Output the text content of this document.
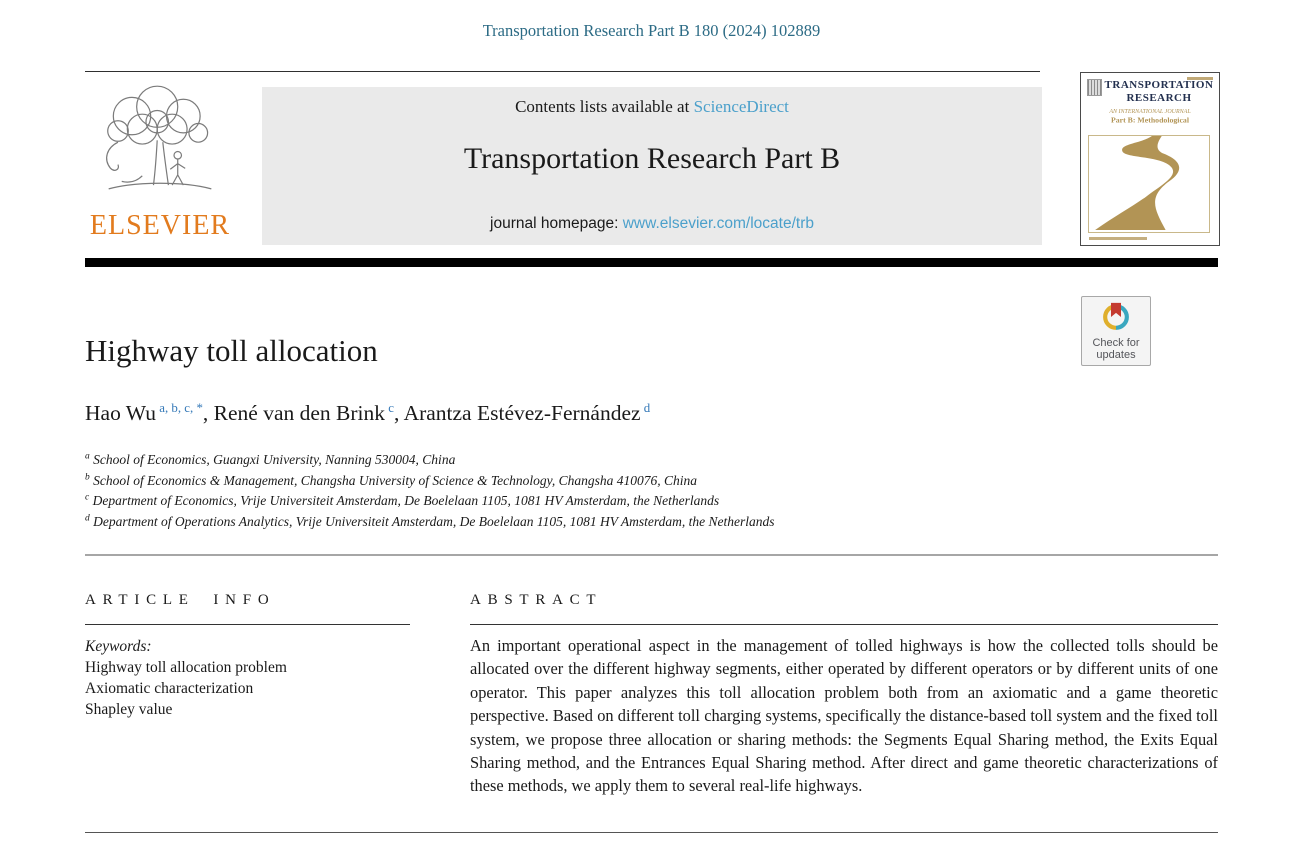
Transportation Research Part B 180 (2024) 102889
ELSEVIER
Contents lists available at ScienceDirect
Transportation Research Part B
journal homepage: www.elsevier.com/locate/trb
TRANSPORTATION
RESEARCH
AN INTERNATIONAL JOURNAL
Part B: Methodological
Highway toll allocation	Check for updates
Hao Wu $^{a, b, c, *}$, René van den Brink $^c$, Arantza Estévez-Fernández $^d$
$^a$ School of Economics, Guangxi University, Nanning 530004, China
$^b$ School of Economics & Management, Changsha University of Science & Technology, Changsha 410076, China
$^c$ Department of Economics, Vrije Universiteit Amsterdam, De Boelelaan 1105, 1081 HV Amsterdam, the Netherlands
$^d$ Department of Operations Analytics, Vrije Universiteit Amsterdam, De Boelelaan 1105, 1081 HV Amsterdam, the Netherlands
ARTICLE INFO
Keywords:
Highway toll allocation problem
Axiomatic characterization
Shapley value
ABSTRACT
An important operational aspect in the management of tolled highways is how the collected tolls should be allocated over the different highway segments, either operated by different operators or by different units of one operator. This paper analyzes this toll allocation problem both from an axiomatic and a game theoretic perspective. Based on different toll charging systems, specifically the distance-based toll system and the fixed toll system, we propose three allocation or sharing methods: the Segments Equal Sharing method, the Exits Equal Sharing method, and the Entrances Equal Sharing method. After direct and game theoretic characterizations of these methods, we apply them to several real-life highways.
